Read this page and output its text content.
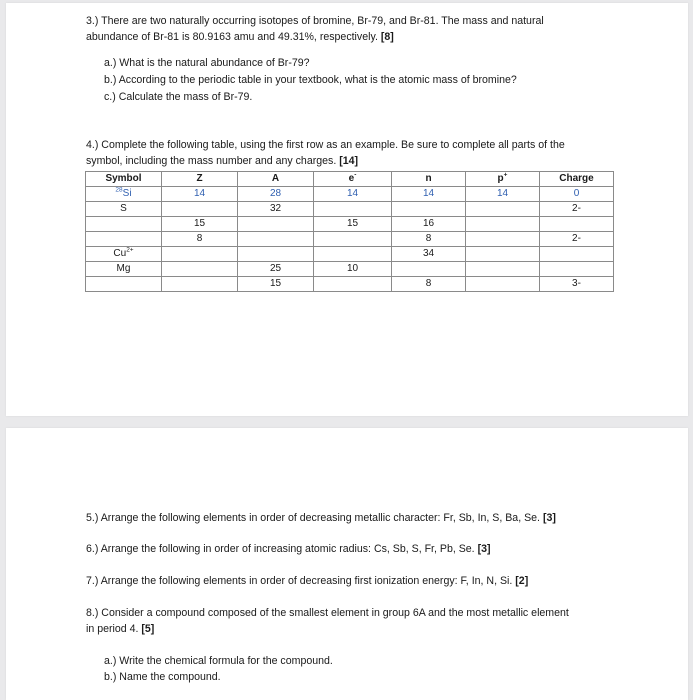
3.) There are two naturally occurring isotopes of bromine, Br-79, and Br-81. The mass and natural
abundance of Br-81 is 80.9163 amu and 49.31%, respectively. [8]
a.) What is the natural abundance of Br-79?
b.) According to the periodic table in your textbook, what is the atomic mass of bromine?
c.) Calculate the mass of Br-79.
4.) Complete the following table, using the first row as an example. Be sure to complete all parts of the
symbol, including the mass number and any charges. [14]
Symbol	Z	A	e-	n	p+	Charge
$^{28}$Si	14	28	14	14	14	0
S		32				2-
	15		15	16		
	8			8		2-
$Cu^{2+}$				34		
Mg		25	10			
		15		8		3-
5.) Arrange the following elements in order of decreasing metallic character: Fr, Sb, In, S, Ba, Se. [3]
6.) Arrange the following in order of increasing atomic radius: Cs, Sb, S, Fr, Pb, Se. [3]
7.) Arrange the following elements in order of decreasing first ionization energy: F, In, N, Si. [2]
8.) Consider a compound composed of the smallest element in group 6A and the most metallic element
in period 4. [5]
a.) Write the chemical formula for the compound.
b.) Name the compound.
